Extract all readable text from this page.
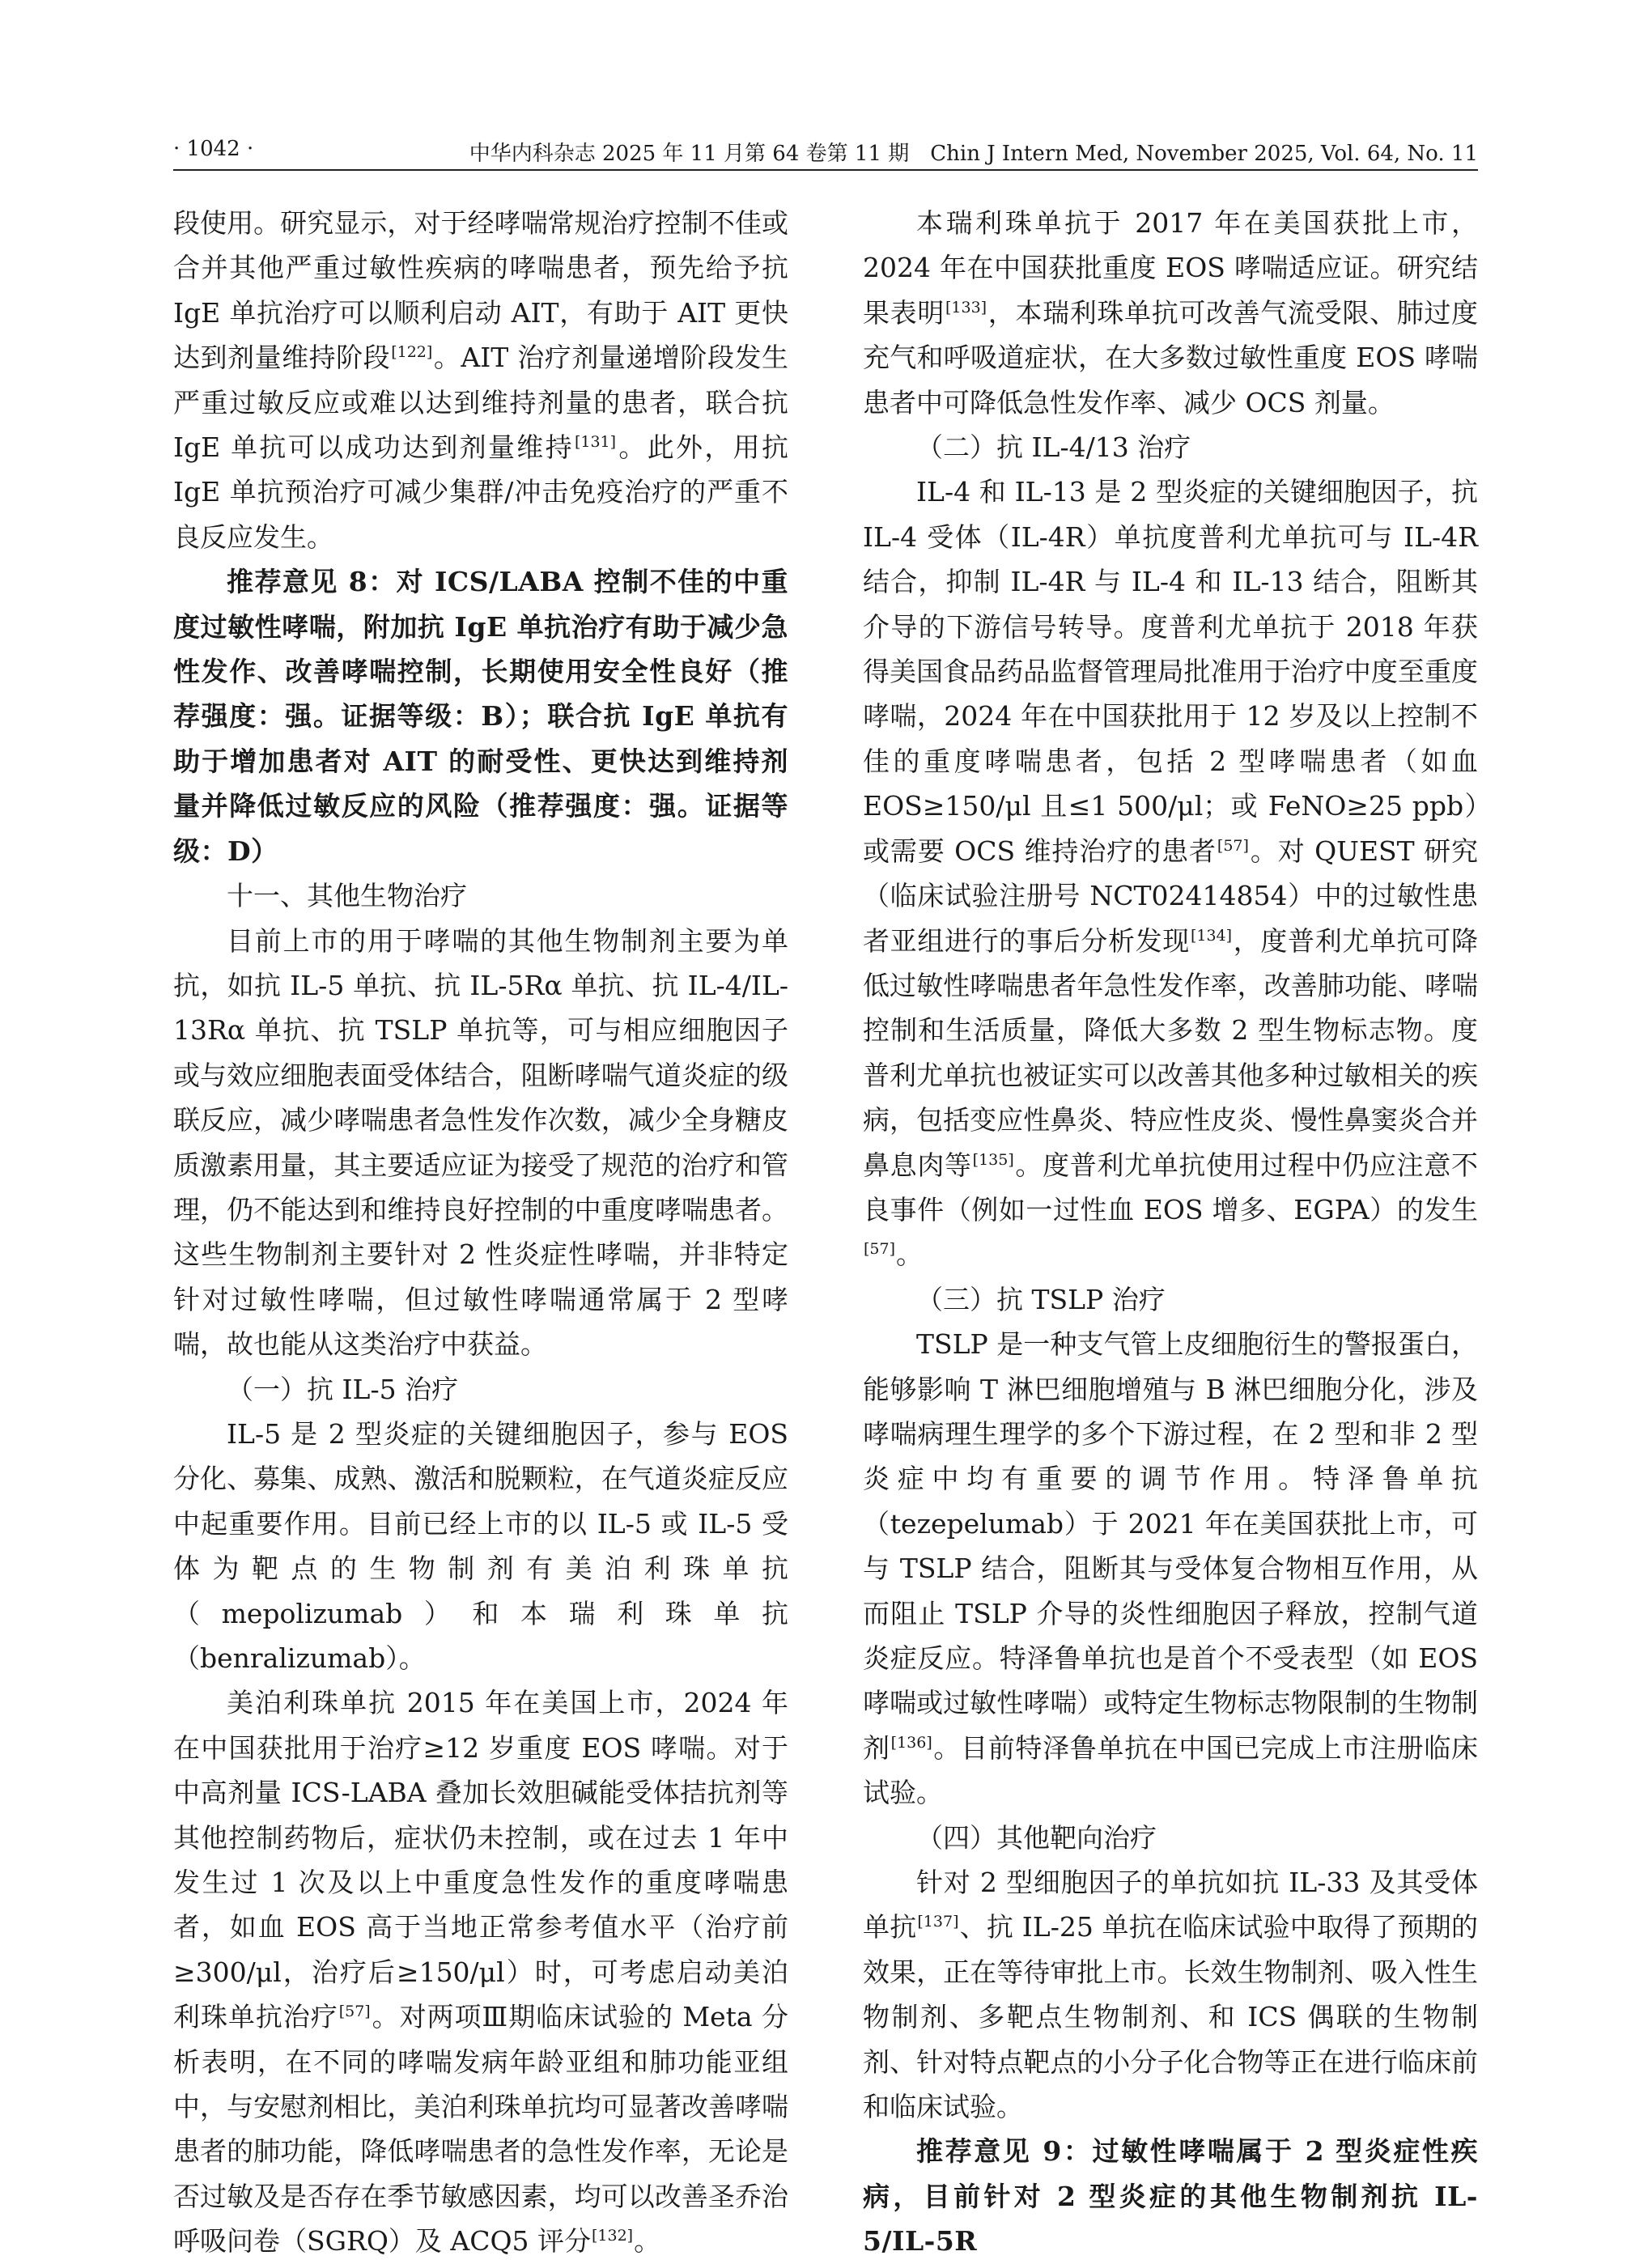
· 1042 ·	中华内科杂志 2025 年 11 月第 64 卷第 11 期　Chin J Intern Med, November 2025, Vol. 64, No. 11

段使用。研究显示，对于经哮喘常规治疗控制不佳或合并其他严重过敏性疾病的哮喘患者，预先给予抗 IgE 单抗治疗可以顺利启动 AIT，有助于 AIT 更快达到剂量维持阶段[122]。AIT 治疗剂量递增阶段发生严重过敏反应或难以达到维持剂量的患者，联合抗 IgE 单抗可以成功达到剂量维持[131]。此外，用抗 IgE 单抗预治疗可减少集群/冲击免疫治疗的严重不良反应发生。

推荐意见 8：对 ICS/LABA 控制不佳的中重度过敏性哮喘，附加抗 IgE 单抗治疗有助于减少急性发作、改善哮喘控制，长期使用安全性良好（推荐强度：强。证据等级：B）；联合抗 IgE 单抗有助于增加患者对 AIT 的耐受性、更快达到维持剂量并降低过敏反应的风险（推荐强度：强。证据等级：D）

十一、其他生物治疗

目前上市的用于哮喘的其他生物制剂主要为单抗，如抗 IL-5 单抗、抗 IL-5Rα 单抗、抗 IL-4/IL-13Rα 单抗、抗 TSLP 单抗等，可与相应细胞因子或与效应细胞表面受体结合，阻断哮喘气道炎症的级联反应，减少哮喘患者急性发作次数，减少全身糖皮质激素用量，其主要适应证为接受了规范的治疗和管理，仍不能达到和维持良好控制的中重度哮喘患者。这些生物制剂主要针对 2 性炎症性哮喘，并非特定针对过敏性哮喘，但过敏性哮喘通常属于 2 型哮喘，故也能从这类治疗中获益。

（一）抗 IL-5 治疗

IL-5 是 2 型炎症的关键细胞因子，参与 EOS 分化、募集、成熟、激活和脱颗粒，在气道炎症反应中起重要作用。目前已经上市的以 IL-5 或 IL-5 受体为靶点的生物制剂有美泊利珠单抗（mepolizumab）和本瑞利珠单抗（benralizumab）。

美泊利珠单抗 2015 年在美国上市，2024 年在中国获批用于治疗≥12 岁重度 EOS 哮喘。对于中高剂量 ICS-LABA 叠加长效胆碱能受体拮抗剂等其他控制药物后，症状仍未控制，或在过去 1 年中发生过 1 次及以上中重度急性发作的重度哮喘患者，如血 EOS 高于当地正常参考值水平（治疗前≥300/μl，治疗后≥150/μl）时，可考虑启动美泊利珠单抗治疗[57]。对两项Ⅲ期临床试验的 Meta 分析表明，在不同的哮喘发病年龄亚组和肺功能亚组中，与安慰剂相比，美泊利珠单抗均可显著改善哮喘患者的肺功能，降低哮喘患者的急性发作率，无论是否过敏及是否存在季节敏感因素，均可以改善圣乔治呼吸问卷（SGRQ）及 ACQ5 评分[132]。

本瑞利珠单抗于 2017 年在美国获批上市，2024 年在中国获批重度 EOS 哮喘适应证。研究结果表明[133]，本瑞利珠单抗可改善气流受限、肺过度充气和呼吸道症状，在大多数过敏性重度 EOS 哮喘患者中可降低急性发作率、减少 OCS 剂量。

（二）抗 IL-4/13 治疗

IL-4 和 IL-13 是 2 型炎症的关键细胞因子，抗 IL-4 受体（IL-4R）单抗度普利尤单抗可与 IL-4R 结合，抑制 IL-4R 与 IL-4 和 IL-13 结合，阻断其介导的下游信号转导。度普利尤单抗于 2018 年获得美国食品药品监督管理局批准用于治疗中度至重度哮喘，2024 年在中国获批用于 12 岁及以上控制不佳的重度哮喘患者，包括 2 型哮喘患者（如血 EOS≥150/μl 且≤1 500/μl；或 FeNO≥25 ppb）或需要 OCS 维持治疗的患者[57]。对 QUEST 研究（临床试验注册号 NCT02414854）中的过敏性患者亚组进行的事后分析发现[134]，度普利尤单抗可降低过敏性哮喘患者年急性发作率，改善肺功能、哮喘控制和生活质量，降低大多数 2 型生物标志物。度普利尤单抗也被证实可以改善其他多种过敏相关的疾病，包括变应性鼻炎、特应性皮炎、慢性鼻窦炎合并鼻息肉等[135]。度普利尤单抗使用过程中仍应注意不良事件（例如一过性血 EOS 增多、EGPA）的发生[57]。

（三）抗 TSLP 治疗

TSLP 是一种支气管上皮细胞衍生的警报蛋白，能够影响 T 淋巴细胞增殖与 B 淋巴细胞分化，涉及哮喘病理生理学的多个下游过程，在 2 型和非 2 型炎症中均有重要的调节作用。特泽鲁单抗（tezepelumab）于 2021 年在美国获批上市，可与 TSLP 结合，阻断其与受体复合物相互作用，从而阻止 TSLP 介导的炎性细胞因子释放，控制气道炎症反应。特泽鲁单抗也是首个不受表型（如 EOS 哮喘或过敏性哮喘）或特定生物标志物限制的生物制剂[136]。目前特泽鲁单抗在中国已完成上市注册临床试验。

（四）其他靶向治疗

针对 2 型细胞因子的单抗如抗 IL-33 及其受体单抗[137]、抗 IL-25 单抗在临床试验中取得了预期的效果，正在等待审批上市。长效生物制剂、吸入性生物制剂、多靶点生物制剂、和 ICS 偶联的生物制剂、针对特点靶点的小分子化合物等正在进行临床前和临床试验。

推荐意见 9：过敏性哮喘属于 2 型炎症性疾病，目前针对 2 型炎症的其他生物制剂抗 IL-5/IL-5R
